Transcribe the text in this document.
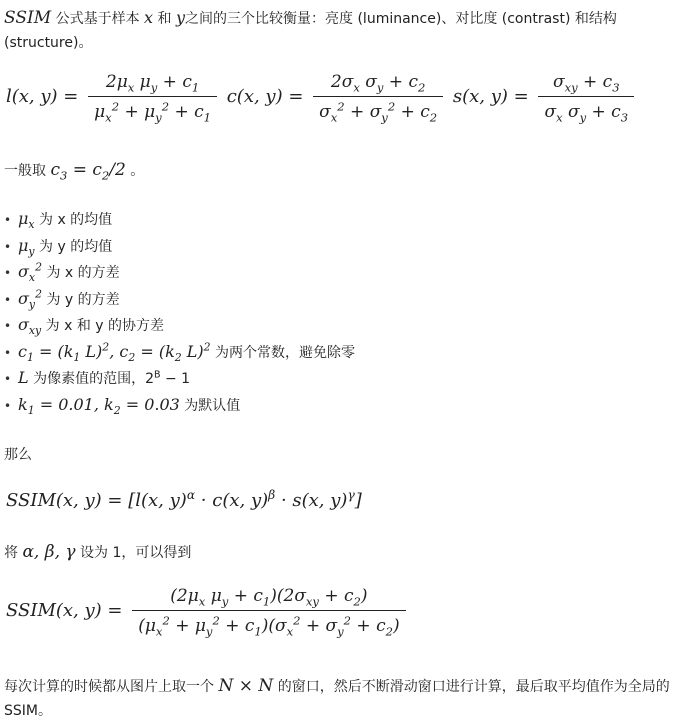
SSIM 公式基于样本 x 和 y之间的三个比较衡量：亮度 (luminance)、对比度 (contrast) 和结构 (structure)。
l(x, $y) = \frac{2\mu_x \mu_y + c_1}{\mu_x^2 + \mu_y^2 + c_1} c(x$, $y) = \frac{2\sigma_x \sigma_y + c_2}{\sigma_x^2 + \sigma_y^2 + c_2} s(x$, $y) = \frac{\sigma_{xy} + c_3}{\sigma_x \sigma_y + c_3}$
一般取 $c_3 = c_2/2$ 。
• $\mu_x$ 为 x 的均值
• $\mu_y$ 为 y 的均值
• $\sigma_x^2$ 为 x 的方差
• $\sigma_y^2$ 为 y 的方差
• $\sigma_{xy}$ 为 x 和 y 的协方差
• $c_1 = (k_1$ L)$^2$, $c_2 = (k_2$ L)$^2$ 为两个常数，避免除零
• L 为像素值的范围，$2^B - 1$
• $k_1 = 0.01$, $k_2 = 0.03$ 为默认值
那么
SSIM(x, y) = [l(x, y)$^\alpha$ · c(x, y)$^\beta$ · s(x, y)$^\gamma$]
将 α, β, γ 设为 1，可以得到
SSIM(x, $y) = \frac{(2\mu_x \mu_y + c_1)(2\sigma_{xy} + c_2)}{(\mu_x^2 + \mu_y^2 + c_1)(\sigma_x^2 + \sigma_y^2 + c_2)}$
每次计算的时候都从图片上取一个 N × N 的窗口，然后不断滑动窗口进行计算，最后取平均值作为全局的 SSIM。
